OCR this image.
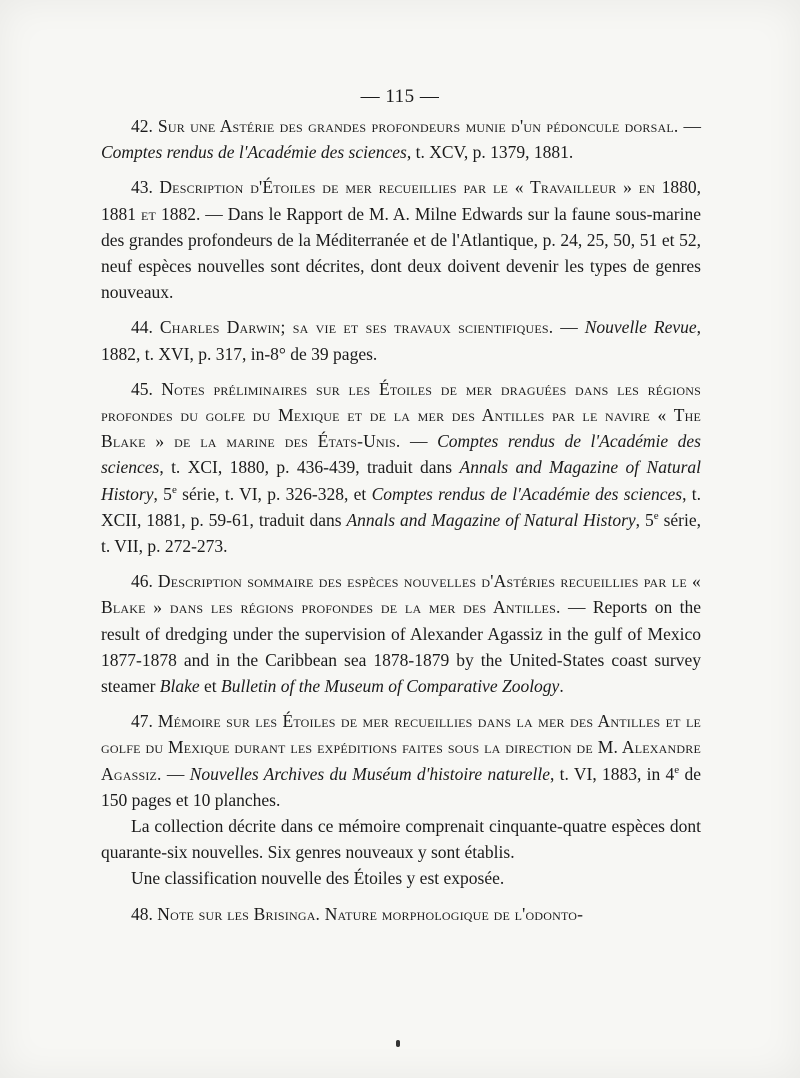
— 115 —

42. Sur une Astérie des grandes profondeurs munie d'un pédoncule dorsal. — Comptes rendus de l'Académie des sciences, t. XCV, p. 1379, 1881.

43. Description d'Étoiles de mer recueillies par le « Travailleur » en 1880, 1881 et 1882. — Dans le Rapport de M. A. Milne Edwards sur la faune sous-marine des grandes profondeurs de la Méditerranée et de l'Atlantique, p. 24, 25, 50, 51 et 52, neuf espèces nouvelles sont décrites, dont deux doivent devenir les types de genres nouveaux.

44. Charles Darwin; sa vie et ses travaux scientifiques. — Nouvelle Revue, 1882, t. XVI, p. 317, in-8° de 39 pages.

45. Notes préliminaires sur les Étoiles de mer draguées dans les régions profondes du golfe du Mexique et de la mer des Antilles par le navire « The Blake » de la marine des États-Unis. — Comptes rendus de l'Académie des sciences, t. XCI, 1880, p. 436-439, traduit dans Annals and Magazine of Natural History, 5e série, t. VI, p. 326-328, et Comptes rendus de l'Académie des sciences, t. XCII, 1881, p. 59-61, traduit dans Annals and Magazine of Natural History, 5e série, t. VII, p. 272-273.

46. Description sommaire des espèces nouvelles d'Astéries recueillies par le « Blake » dans les régions profondes de la mer des Antilles. — Reports on the result of dredging under the supervision of Alexander Agassiz in the gulf of Mexico 1877-1878 and in the Caribbean sea 1878-1879 by the United-States coast survey steamer Blake et Bulletin of the Museum of Comparative Zoology.

47. Mémoire sur les Étoiles de mer recueillies dans la mer des Antilles et le golfe du Mexique durant les expéditions faites sous la direction de M. Alexandre Agassiz. — Nouvelles Archives du Muséum d'histoire naturelle, t. VI, 1883, in 4e de 150 pages et 10 planches.

La collection décrite dans ce mémoire comprenait cinquante-quatre espèces dont quarante-six nouvelles. Six genres nouveaux y sont établis.

Une classification nouvelle des Étoiles y est exposée.

48. Note sur les Brisinga. Nature morphologique de l'odonto-
